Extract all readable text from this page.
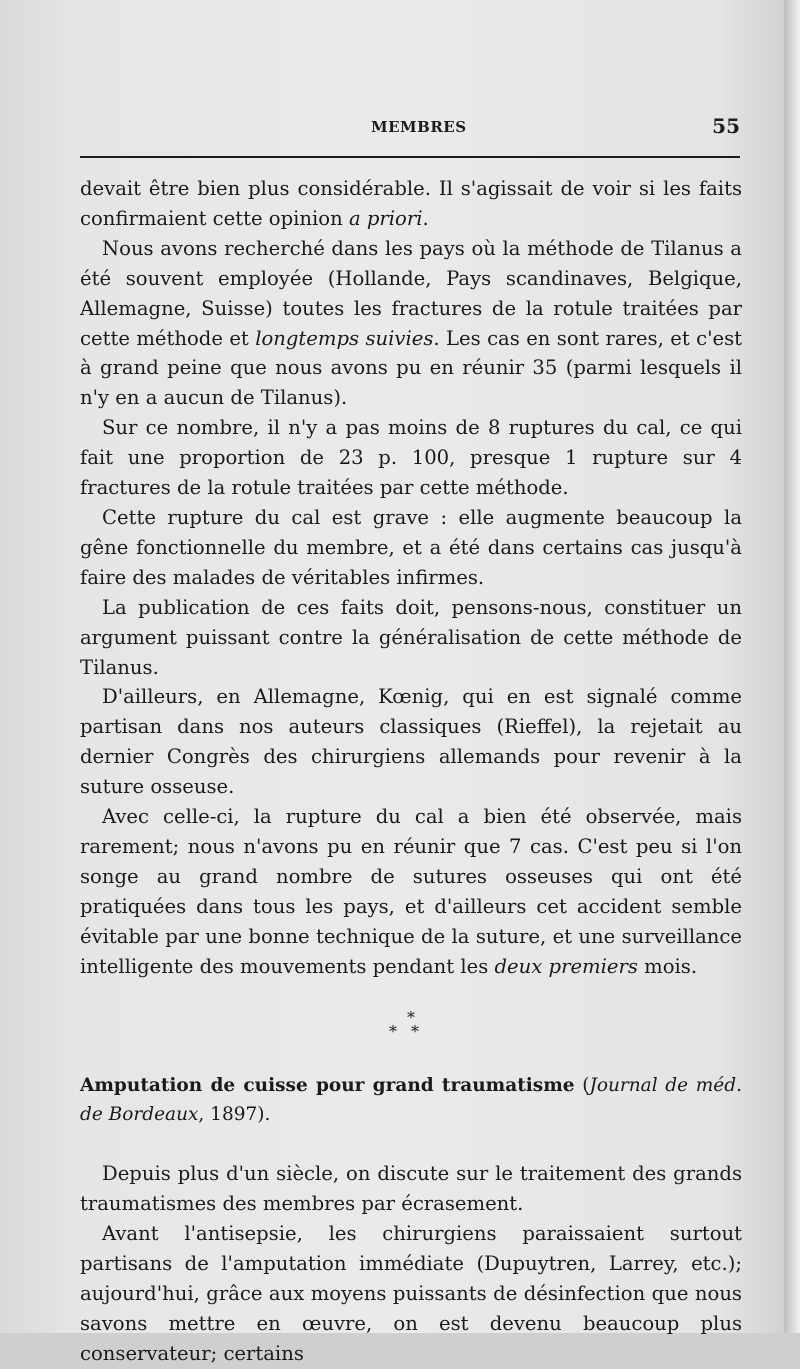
MEMBRES	55

devait être bien plus considérable. Il s'agissait de voir si les faits confirmaient cette opinion a priori.

Nous avons recherché dans les pays où la méthode de Tilanus a été souvent employée (Hollande, Pays scandinaves, Belgique, Allemagne, Suisse) toutes les fractures de la rotule traitées par cette méthode et longtemps suivies. Les cas en sont rares, et c'est à grand peine que nous avons pu en réunir 35 (parmi lesquels il n'y en a aucun de Tilanus).

Sur ce nombre, il n'y a pas moins de 8 ruptures du cal, ce qui fait une proportion de 23 p. 100, presque 1 rupture sur 4 fractures de la rotule traitées par cette méthode.

Cette rupture du cal est grave : elle augmente beaucoup la gêne fonctionnelle du membre, et a été dans certains cas jusqu'à faire des malades de véritables infirmes.

La publication de ces faits doit, pensons-nous, constituer un argument puissant contre la généralisation de cette méthode de Tilanus.

D'ailleurs, en Allemagne, Kœnig, qui en est signalé comme partisan dans nos auteurs classiques (Rieffel), la rejetait au dernier Congrès des chirurgiens allemands pour revenir à la suture osseuse.

Avec celle-ci, la rupture du cal a bien été observée, mais rarement; nous n'avons pu en réunir que 7 cas. C'est peu si l'on songe au grand nombre de sutures osseuses qui ont été pratiquées dans tous les pays, et d'ailleurs cet accident semble évitable par une bonne technique de la suture, et une surveillance intelligente des mouvements pendant les deux premiers mois.

*
**

Amputation de cuisse pour grand traumatisme (Journal de méd. de Bordeaux, 1897).

Depuis plus d'un siècle, on discute sur le traitement des grands traumatismes des membres par écrasement.

Avant l'antisepsie, les chirurgiens paraissaient surtout partisans de l'amputation immédiate (Dupuytren, Larrey, etc.); aujourd'hui, grâce aux moyens puissants de désinfection que nous savons mettre en œuvre, on est devenu beaucoup plus conservateur; certains
